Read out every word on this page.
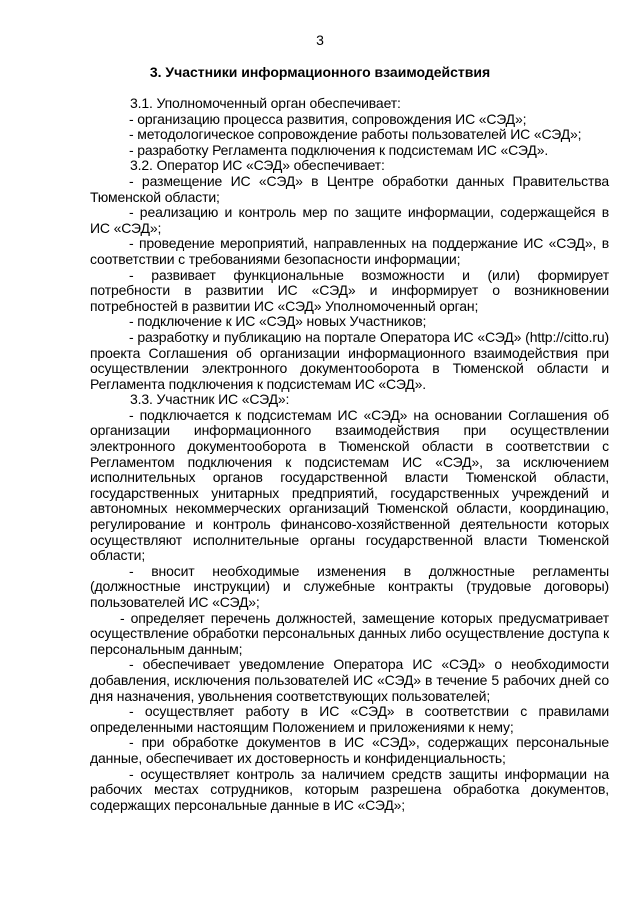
3
3. Участники информационного взаимодействия

3.1. Уполномоченный орган обеспечивает:

- организацию процесса развития, сопровождения ИС «СЭД»;

- методологическое сопровождение работы пользователей ИС «СЭД»;

- разработку Регламента подключения к подсистемам ИС «СЭД».

3.2. Оператор ИС «СЭД» обеспечивает:

- размещение ИС «СЭД» в Центре обработки данных Правительства Тюменской области;

- реализацию и контроль мер по защите информации, содержащейся в ИС «СЭД»;

- проведение мероприятий, направленных на поддержание ИС «СЭД», в соответствии с требованиями безопасности информации;

- развивает функциональные возможности и (или) формирует потребности в развитии ИС «СЭД» и информирует о возникновении потребностей в развитии ИС «СЭД» Уполномоченный орган;

- подключение к ИС «СЭД» новых Участников;

- разработку и публикацию на портале Оператора ИС «СЭД» (http://citto.ru) проекта Соглашения об организации информационного взаимодействия при осуществлении электронного документооборота в Тюменской области и Регламента подключения к подсистемам ИС «СЭД».

3.3. Участник ИС «СЭД»:

- подключается к подсистемам ИС «СЭД» на основании Соглашения об организации информационного взаимодействия при осуществлении электронного документооборота в Тюменской области в соответствии с Регламентом подключения к подсистемам ИС «СЭД», за исключением исполнительных органов государственной власти Тюменской области, государственных унитарных предприятий, государственных учреждений и автономных некоммерческих организаций Тюменской области, координацию, регулирование и контроль финансово-хозяйственной деятельности которых осуществляют исполнительные органы государственной власти Тюменской области;

- вносит необходимые изменения в должностные регламенты (должностные инструкции) и служебные контракты (трудовые договоры) пользователей ИС «СЭД»;

- определяет перечень должностей, замещение которых предусматривает осуществление обработки персональных данных либо осуществление доступа к персональным данным;

- обеспечивает уведомление Оператора ИС «СЭД» о необходимости добавления, исключения пользователей ИС «СЭД» в течение 5 рабочих дней со дня назначения, увольнения соответствующих пользователей;

- осуществляет работу в ИС «СЭД» в соответствии с правилами определенными настоящим Положением и приложениями к нему;

- при обработке документов в ИС «СЭД», содержащих персональные данные, обеспечивает их достоверность и конфиденциальность;

- осуществляет контроль за наличием средств защиты информации на рабочих местах сотрудников, которым разрешена обработка документов, содержащих персональные данные в ИС «СЭД»;
